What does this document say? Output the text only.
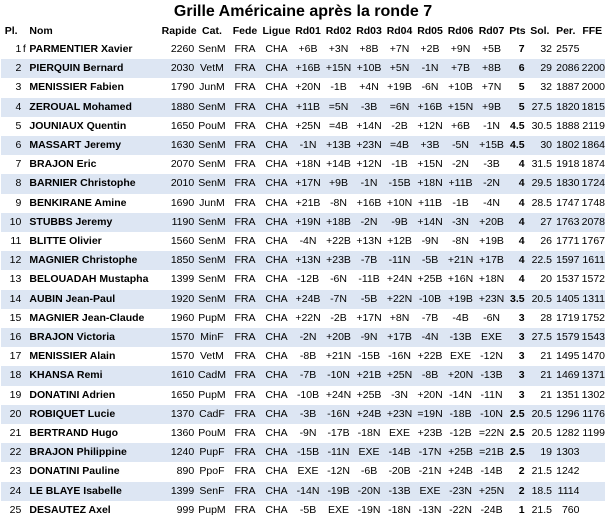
Grille Américaine après la ronde 7
Pl.		Nom	Rapide	Cat.	Fede	Ligue	Rd01	Rd02	Rd03	Rd04	Rd05	Rd06	Rd07	Pts	Sol.	Per.	FFE
1	f	PARMENTIER Xavier	2260	SenM	FRA	CHA	+6B	+3N	+8B	+7N	+2B	+9N	+5B	7	32	2575	
2		PIERQUIN Bernard	2030	VetM	FRA	CHA	+16B	+15N	+10B	+5N	-1N	+7B	+8B	6	29	2086	2200
3		MENISSIER Fabien	1790	JunM	FRA	CHA	+20N	-1B	+4N	+19B	-6N	+10B	+7N	5	32	1887	2000
4		ZEROUAL Mohamed	1880	SenM	FRA	CHA	+11B	=5N	-3B	=6N	+16B	+15N	+9B	5	27.5	1820	1815
5		JOUNIAUX Quentin	1650	PouM	FRA	CHA	+25N	=4B	+14N	-2B	+12N	+6B	-1N	4.5	30.5	1888	2119
6		MASSART Jeremy	1630	SenM	FRA	CHA	-1N	+13B	+23N	=4B	+3B	-5N	+15B	4.5	30	1802	1864
7		BRAJON Eric	2070	SenM	FRA	CHA	+18N	+14B	+12N	-1B	+15N	-2N	-3B	4	31.5	1918	1874
8		BARNIER Christophe	2010	SenM	FRA	CHA	+17N	+9B	-1N	-15B	+18N	+11B	-2N	4	29.5	1830	1724
9		BENKIRANE Amine	1690	JunM	FRA	CHA	+21B	-8N	+16B	+10N	+11B	-1B	-4N	4	28.5	1747	1748
10		STUBBS Jeremy	1190	SenM	FRA	CHA	+19N	+18B	-2N	-9B	+14N	-3N	+20B	4	27	1763	2078
11		BLITTE Olivier	1560	SenM	FRA	CHA	-4N	+22B	+13N	+12B	-9N	-8N	+19B	4	26	1771	1767
12		MAGNIER Christophe	1850	SenM	FRA	CHA	+13N	+23B	-7B	-11N	-5B	+21N	+17B	4	22.5	1597	1611
13		BELOUADAH Mustapha	1399	SenM	FRA	CHA	-12B	-6N	-11B	+24N	+25B	+16N	+18N	4	20	1537	1572
14		AUBIN Jean-Paul	1920	SenM	FRA	CHA	+24B	-7N	-5B	+22N	-10B	+19B	+23N	3.5	20.5	1405	1311
15		MAGNIER Jean-Claude	1960	PupM	FRA	CHA	+22N	-2B	+17N	+8N	-7B	-4B	-6N	3	28	1719	1752
16		BRAJON Victoria	1570	MinF	FRA	CHA	-2N	+20B	-9N	+17B	-4N	-13B	EXE	3	27.5	1579	1543
17		MENISSIER Alain	1570	VetM	FRA	CHA	-8B	+21N	-15B	-16N	+22B	EXE	-12N	3	21	1495	1470
18		KHANSA Remi	1610	CadM	FRA	CHA	-7B	-10N	+21B	+25N	-8B	+20N	-13B	3	21	1469	1371
19		DONATINI Adrien	1650	PupM	FRA	CHA	-10B	+24N	+25B	-3N	+20N	-14N	-11N	3	21	1351	1302
20		ROBIQUET Lucie	1370	CadF	FRA	CHA	-3B	-16N	+24B	+23N	=19N	-18B	-10N	2.5	20.5	1296	1176
21		BERTRAND Hugo	1360	PouM	FRA	CHA	-9N	-17B	-18N	EXE	+23B	-12B	=22N	2.5	20.5	1282	1199
22		BRAJON Philippine	1240	PupF	FRA	CHA	-15B	-11N	EXE	-14B	-17N	+25B	=21B	2.5	19	1303	
23		DONATINI Pauline	890	PpoF	FRA	CHA	EXE	-12N	-6B	-20B	-21N	+24B	-14B	2	21.5	1242	
24		LE BLAYE Isabelle	1399	SenF	FRA	CHA	-14N	-19B	-20N	-13B	EXE	-23N	+25N	2	18.5	1114	
25		DESAUTEZ Axel	999	PupM	FRA	CHA	-5B	EXE	-19N	-18N	-13N	-22N	-24B	1	21.5	760	
